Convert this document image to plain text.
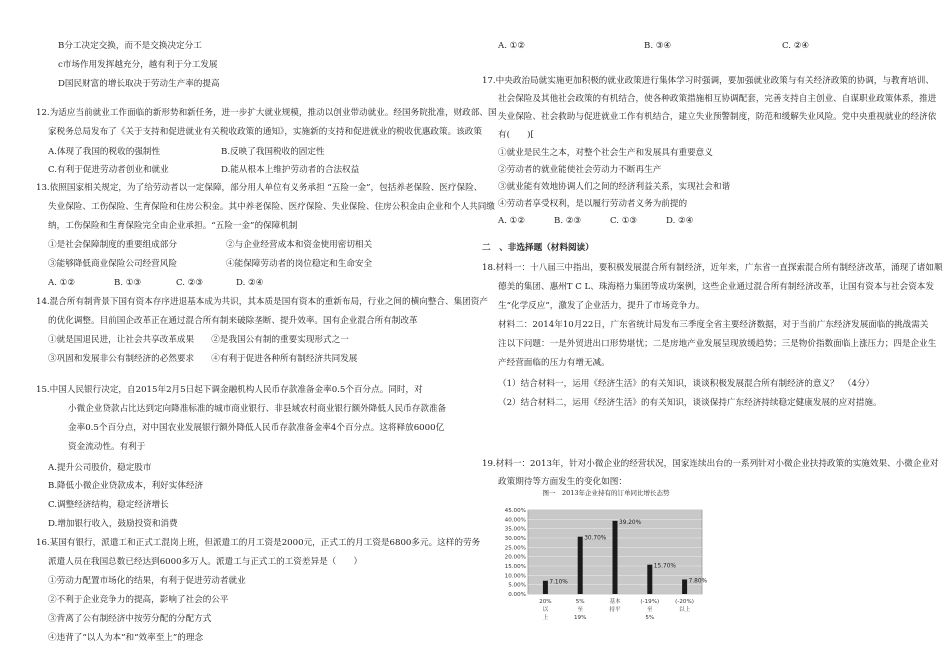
B分工决定交换，而不是交换决定分工
c市场作用发挥越充分，越有利于分工发展
D国民财富的增长取决于劳动生产率的提高
12.为适应当前就业工作面临的新形势和新任务，进一步扩大就业规模，推动以创业带动就业。经国务院批准，财政部、国
家税务总局发布了《关于支持和促进就业有关税收政策的通知》，实施新的支持和促进就业的税收优惠政策。该政策
A.体现了我国的税收的强制性	B.反映了我国税收的固定性
C.有利于促进劳动者创业和就业	D.能从根本上维护劳动者的合法权益
13.依照国家相关规定，为了给劳动者以一定保障，部分用人单位有义务承担 “五险一金”，包括养老保险、医疗保险、
失业保险、工伤保险、生育保险和住房公积金。其中养老保险、医疗保险、失业保险、住房公积金由企业和个人共同缴
纳，工伤保险和生育保险完全由企业承担。“五险一金”的保障机制
①是社会保障制度的重要组成部分	②与企业经营成本和资金使用密切相关
③能够降低商业保险公司经营风险	④能保障劳动者的岗位稳定和生命安全
A. ①②	B. ①③	C. ②③	D. ②④
14.混合所有制背景下国有资本存序进退基本成为共识，其本质是国有资本的重新布局，行业之间的横向整合、集团资产
的优化调整。目前国企改革正在通过混合所有制来破除垄断、提升效率。国有企业混合所有制改革
①就是国退民进，让社会共享改革成果　　②是我国公有制的重要实现形式之一
③巩固和发展非公有制经济的必然要求　　④有利于促进各种所有制经济共同发展
15.中国人民银行决定，自2015年2月5日起下调金融机构人民币存款准备金率0.5个百分点。同时，对
小微企业贷款占比达到定向降准标准的城市商业银行、非县域农村商业银行额外降低人民币存款准备
金率0.5个百分点，对中国农业发展银行额外降低人民币存款准备金率4个百分点。这将释放6000亿
资金流动性。有利于
A.提升公司股价，稳定股市
B.降低小微企业贷款成本，利好实体经济
C.调整经济结构，稳定经济增长
D.增加银行收入，鼓励投资和消费
16.某国有银行，派遣工和正式工混岗上班，但派遣工的月工资是2000元，正式工的月工资是6800多元。这样的劳务
派遣人员在我国总数已经达到6000多万人。派遣工与正式工的工资差异是（　　）
①劳动力配置市场化的结果，有利于促进劳动者就业
②不利于企业竞争力的提高，影响了社会的公平
③背离了公有制经济中按劳分配的分配方式
④违背了“以人为本”和“效率至上”的理念
A. ①②	B. ③④	C. ②④
17.中央政治局就实施更加积极的就业政策进行集体学习时强调，要加强就业政策与有关经济政策的协调，与教育培训、
社会保险及其他社会政策的有机结合，使各种政策措施相互协调配套，完善支持自主创业、自谋职业政策体系，推进
失业保险、社会救助与促进就业工作有机结合，建立失业预警制度，防范和缓解失业风险。党中央重视就业的经济依
有(　　)[
①就业是民生之本，对整个社会生产和发展具有重要意义
②劳动者的就业能使社会劳动力不断再生产
③就业能有效地协调人们之间的经济利益关系，实现社会和谐
④劳动者享受权利，是以履行劳动者义务为前提的
A. ①②	B. ②③	C. ①③	D. ②④
二　、非选择题（材料阅读）
18.材料一：十八届三中指出，要积极发展混合所有制经济，近年来，广东省一直探索混合所有制经济改革，涌现了诸如顺
德美的集团、惠州T C L、珠海格力集团等成功案例，这些企业通过混合所有制经济改革，让国有资本与社会资本发
生“化学反应”，激发了企业活力，提升了市场竞争力。
材料二：2014年10月22日，广东省统计局发布三季度全省主要经济数据，对于当前广东经济发展面临的挑战需关
注以下问题：一是外贸进出口形势堪忧；二是房地产业发展呈现放缓趋势；三是物价指数面临上涨压力；四是企业生
产经营面临的压力有增无减。
（1）结合材料一，运用《经济生活》的有关知识，谈谈积极发展混合所有制经济的意义？　（4分）
（2）结合材料二，运用《经济生活》的有关知识，谈谈保持广东经济持续稳定健康发展的应对措施。
19.材料一：2013年，针对小微企业的经营状况，国家连续出台的一系列针对小微企业扶持政策的实施效果、小微企业对
政策期待等方面发生的变化如图：
图一　2013年企业持有的订单同比增长态势
0.00%
5.00%
10.00%
15.00%
20.00%
25.00%
30.00%
35.00%
40.00%
45.00%
7.10%
20%
以
上
30.70%
5%
至
19%
39.20%
基本
持平
15.70%
(-19%)
至
5%
7.80%
(-20%)
以上
